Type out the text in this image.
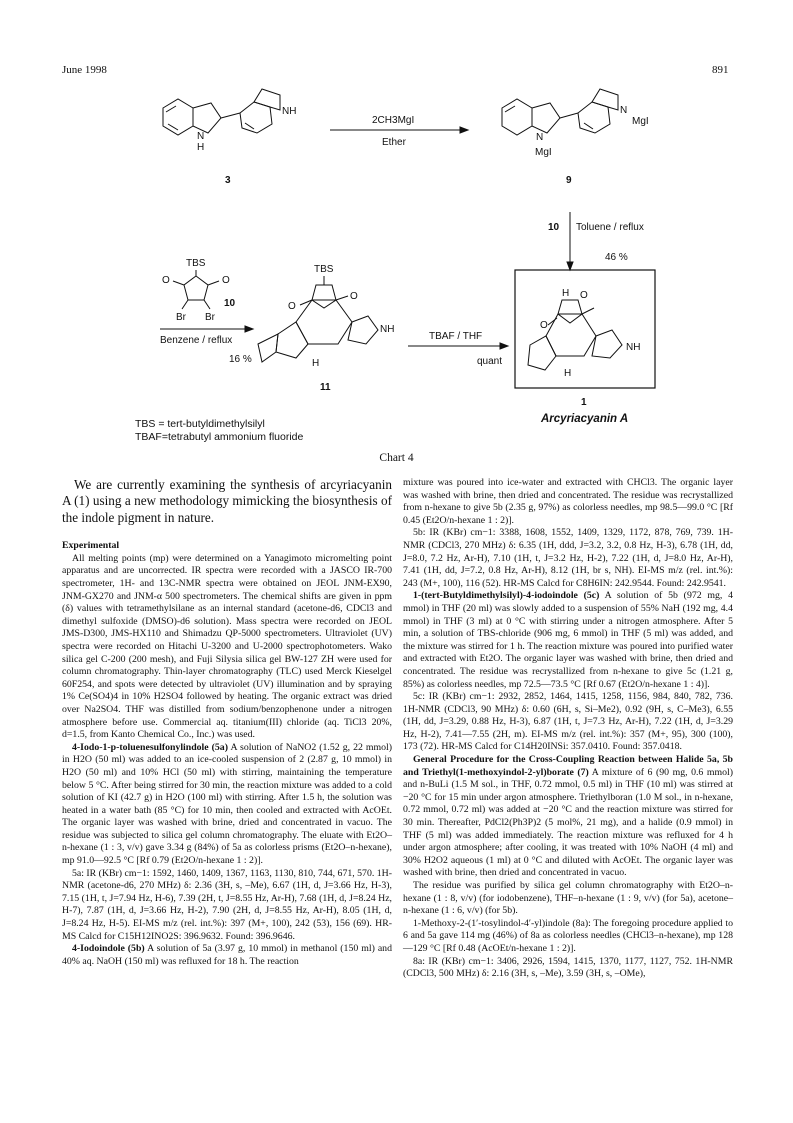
June 1998	891
N
H
NH
3
2CH3MgI
Ether	N
MgI
N
MgI
9
10 Toluene / reflux
46 %
H O
O
NH
H
1
Arcyriacyanin A
TBS
O	O
Br Br
10
Benzene / reflux
16 %
TBS
O
O
NH
H
11
TBAF / THF
quant
TBS = tert-butyldimethylsilyl
TBAF=tetrabutyl ammonium fluoride
Chart 4

We are currently examining the synthesis of arcyriacyanin A (1) using a new methodology mimicking the biosynthesis of the indole pigment in nature.

Experimental

All melting points (mp) were determined on a Yanagimoto micromelting point apparatus and are uncorrected. IR spectra were recorded with a JASCO IR-700 spectrometer, 1H- and 13C-NMR spectra were obtained on JEOL JNM-EX90, JNM-GX270 and JNM-α 500 spectrometers. The chemical shifts are given in ppm (δ) values with tetramethylsilane as an internal standard (acetone-d6, CDCl3 and dimethyl sulfoxide (DMSO)-d6 solution). Mass spectra were recorded on JEOL JMS-D300, JMS-HX110 and Shimadzu QP-5000 spectrometers. Ultraviolet (UV) spectra were recorded on Hitachi U-3200 and U-2000 spectrophotometers. Wako silica gel C-200 (200 mesh), and Fuji Silysia silica gel BW-127 ZH were used for column chromatography. Thin-layer chromatography (TLC) used Merck Kieselgel 60F254, and spots were detected by ultraviolet (UV) illumination and by spraying 1% Ce(SO4)4 in 10% H2SO4 followed by heating. The organic extract was dried over Na2SO4. THF was distilled from sodium/benzophenone under a nitrogen atmosphere before use. Commercial aq. titanium(III) chloride (aq. TiCl3 20%, d=1.5, from Kanto Chemical Co., Inc.) was used.

4-Iodo-1-p-toluenesulfonylindole (5a) A solution of NaNO2 (1.52 g, 22 mmol) in H2O (50 ml) was added to an ice-cooled suspension of 2 (2.87 g, 10 mmol) in H2O (50 ml) and 10% HCl (50 ml) with stirring, maintaining the temperature below 5 °C. After being stirred for 30 min, the reaction mixture was added to a cold solution of KI (42.7 g) in H2O (100 ml) with stirring. After 1.5 h, the solution was heated in a water bath (85 °C) for 10 min, then cooled and extracted with AcOEt. The organic layer was washed with brine, dried and concentrated in vacuo. The residue was subjected to silica gel column chromatography. The eluate with Et2O–n-hexane (1 : 3, v/v) gave 3.34 g (84%) of 5a as colorless prisms (Et2O–n-hexane), mp 91.0—92.5 °C [Rf 0.79 (Et2O/n-hexane 1 : 2)].

5a: IR (KBr) cm−1: 1592, 1460, 1409, 1367, 1163, 1130, 810, 744, 671, 570. 1H-NMR (acetone-d6, 270 MHz) δ: 2.36 (3H, s, –Me), 6.67 (1H, d, J=3.66 Hz, H-3), 7.15 (1H, t, J=7.94 Hz, H-6), 7.39 (2H, t, J=8.55 Hz, Ar-H), 7.68 (1H, d, J=8.24 Hz, H-7), 7.87 (1H, d, J=3.66 Hz, H-2), 7.90 (2H, d, J=8.55 Hz, Ar-H), 8.05 (1H, d, J=8.24 Hz, H-5). EI-MS m/z (rel. int.%): 397 (M+, 100), 242 (53), 156 (69). HR-MS Calcd for C15H12INO2S: 396.9632. Found: 396.9646.

4-Iodoindole (5b) A solution of 5a (3.97 g, 10 mmol) in methanol (150 ml) and 40% aq. NaOH (150 ml) was refluxed for 18 h. The reaction

mixture was poured into ice-water and extracted with CHCl3. The organic layer was washed with brine, then dried and concentrated. The residue was recrystallized from n-hexane to give 5b (2.35 g, 97%) as colorless needles, mp 98.5—99.0 °C [Rf 0.45 (Et2O/n-hexane 1 : 2)].

5b: IR (KBr) cm−1: 3388, 1608, 1552, 1409, 1329, 1172, 878, 769, 739. 1H-NMR (CDCl3, 270 MHz) δ: 6.35 (1H, ddd, J=3.2, 3.2, 0.8 Hz, H-3), 6.78 (1H, dd, J=8.0, 7.2 Hz, Ar-H), 7.10 (1H, t, J=3.2 Hz, H-2), 7.22 (1H, d, J=8.0 Hz, Ar-H), 7.41 (1H, dd, J=7.2, 0.8 Hz, Ar-H), 8.12 (1H, br s, NH). EI-MS m/z (rel. int.%): 243 (M+, 100), 116 (52). HR-MS Calcd for C8H6IN: 242.9544. Found: 242.9541.

1-(tert-Butyldimethylsilyl)-4-iodoindole (5c) A solution of 5b (972 mg, 4 mmol) in THF (20 ml) was slowly added to a suspension of 55% NaH (192 mg, 4.4 mmol) in THF (3 ml) at 0 °C with stirring under a nitrogen atmosphere. After 5 min, a solution of TBS-chloride (906 mg, 6 mmol) in THF (5 ml) was added, and the mixture was stirred for 1 h. The reaction mixture was poured into purified water and extracted with Et2O. The organic layer was washed with brine, then dried and concentrated. The residue was recrystallized from n-hexane to give 5c (1.21 g, 85%) as colorless needles, mp 72.5—73.5 °C [Rf 0.67 (Et2O/n-hexane 1 : 4)].

5c: IR (KBr) cm−1: 2932, 2852, 1464, 1415, 1258, 1156, 984, 840, 782, 736. 1H-NMR (CDCl3, 90 MHz) δ: 0.60 (6H, s, Si–Me2), 0.92 (9H, s, C–Me3), 6.55 (1H, dd, J=3.29, 0.88 Hz, H-3), 6.87 (1H, t, J=7.3 Hz, Ar-H), 7.22 (1H, d, J=3.29 Hz, H-2), 7.41—7.55 (2H, m). EI-MS m/z (rel. int.%): 357 (M+, 95), 300 (100), 173 (72). HR-MS Calcd for C14H20INSi: 357.0410. Found: 357.0418.

General Procedure for the Cross-Coupling Reaction between Halide 5a, 5b and Triethyl(1-methoxyindol-2-yl)borate (7) A mixture of 6 (90 mg, 0.6 mmol) and n-BuLi (1.5 M sol., in THF, 0.72 mmol, 0.5 ml) in THF (10 ml) was stirred at −20 °C for 15 min under argon atmosphere. Triethylboran (1.0 M sol., in n-hexane, 0.72 mmol, 0.72 ml) was added at −20 °C and the reaction mixture was stirred for 30 min. Thereafter, PdCl2(Ph3P)2 (5 mol%, 21 mg), and a halide (0.9 mmol) in THF (5 ml) was added immediately. The reaction mixture was refluxed for 4 h under argon atmosphere; after cooling, it was treated with 10% NaOH (4 ml) and 30% H2O2 aqueous (1 ml) at 0 °C and diluted with AcOEt. The organic layer was washed with brine, then dried and concentrated in vacuo.

The residue was purified by silica gel column chromatography with Et2O–n-hexane (1 : 8, v/v) (for iodobenzene), THF–n-hexane (1 : 9, v/v) (for 5a), acetone–n-hexane (1 : 6, v/v) (for 5b).

1-Methoxy-2-(1′-tosylindol-4′-yl)indole (8a): The foregoing procedure applied to 6 and 5a gave 114 mg (46%) of 8a as colorless needles (CHCl3–n-hexane), mp 128—129 °C [Rf 0.48 (AcOEt/n-hexane 1 : 2)].

8a: IR (KBr) cm−1: 3406, 2926, 1594, 1415, 1370, 1177, 1127, 752. 1H-NMR (CDCl3, 500 MHz) δ: 2.16 (3H, s, –Me), 3.59 (3H, s, –OMe),
